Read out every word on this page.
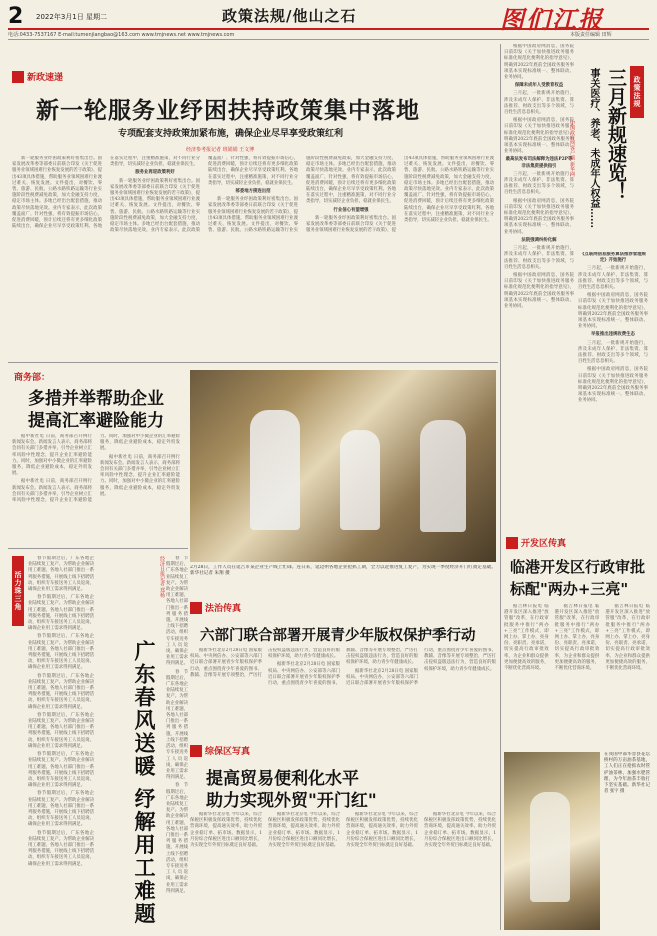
2 2022年3月1日 星期二	政策法规/他山之石	图们江报
电话:0433-7537167 E-mail:tumenjiangbao@163.com www.tmjnews.net www.tmjnews.com	本版责任编辑 田辉
新政速递
新一轮服务业纾困扶持政策集中落地
专项配套支持政策加紧布施，确保企业尽早享受政策红利
经济参考报记者 班娟娟 王文博

新一轮服务业纾困政策利好密集出台。国家发展改革委等部委日前联合印发《关于促进服务业领域困难行业恢复发展的若干政策》，提出43项具体措施，帮助服务业领域困难行业渡过难关、恢复发展。文件提出，对餐饮、零售、旅游、民航、公路水路铁路运输等行业实施阶段性税费减免政策，加大金融支持力度，稳定市场主体。多地已经出台配套措施，推动政策尽快落地见效。业内专家表示，此次政策覆盖面广、针对性强，将有效提振市场信心，促进消费回暖，预计后续还将有更多细化政策陆续出台，确保企业尽早享受政策红利。各地在落实过程中，注重精准施策，对不同行业分类指导，切实减轻企业负担，稳就业保民生。

服务业再迎政策利好

新一轮服务业纾困政策利好密集出台。国家发展改革委等部委日前联合印发《关于促进服务业领域困难行业恢复发展的若干政策》，提出43项具体措施，帮助服务业领域困难行业渡过难关、恢复发展。文件提出，对餐饮、零售、旅游、民航、公路水路铁路运输等行业实施阶段性税费减免政策，加大金融支持力度，稳定市场主体。多地已经出台配套措施，推动政策尽快落地见效。业内专家表示，此次政策覆盖面广、针对性强，将有效提振市场信心，促进消费回暖，预计后续还将有更多细化政策陆续出台，确保企业尽早享受政策红利。各地在落实过程中，注重精准施策，对不同行业分类指导，切实减轻企业负担，稳就业保民生。

部委地方接连出招

新一轮服务业纾困政策利好密集出台。国家发展改革委等部委日前联合印发《关于促进服务业领域困难行业恢复发展的若干政策》，提出43项具体措施，帮助服务业领域困难行业渡过难关、恢复发展。文件提出，对餐饮、零售、旅游、民航、公路水路铁路运输等行业实施阶段性税费减免政策，加大金融支持力度，稳定市场主体。多地已经出台配套措施，推动政策尽快落地见效。业内专家表示，此次政策覆盖面广、针对性强，将有效提振市场信心，促进消费回暖，预计后续还将有更多细化政策陆续出台，确保企业尽早享受政策红利。各地在落实过程中，注重精准施策，对不同行业分类指导，切实减轻企业负担，稳就业保民生。

行业信心有望增强

新一轮服务业纾困政策利好密集出台。国家发展改革委等部委日前联合印发《关于促进服务业领域困难行业恢复发展的若干政策》，提出43项具体措施，帮助服务业领域困难行业渡过难关、恢复发展。文件提出，对餐饮、零售、旅游、民航、公路水路铁路运输等行业实施阶段性税费减免政策，加大金融支持力度，稳定市场主体。多地已经出台配套措施，推动政策尽快落地见效。业内专家表示，此次政策覆盖面广、针对性强，将有效提振市场信心，促进消费回暖，预计后续还将有更多细化政策陆续出台，确保企业尽早享受政策红利。各地在落实过程中，注重精准施策，对不同行业分类指导，切实减轻企业负担，稳就业保民生。

商务部：
多措并举帮助企业
提高汇率避险能力

据中新社电 日前，商务部召开例行新闻发布会。新闻发言人表示，商务部将会同有关部门多措并举，引导企业树立汇率风险中性理念，提升企业汇率避险能力。同时，加强对中小微企业的汇率避险服务，降低企业避险成本，稳定外贸发展。

据中新社电 日前，商务部召开例行新闻发布会。新闻发言人表示，商务部将会同有关部门多措并举，引导企业树立汇率风险中性理念，提升企业汇率避险能力。同时，加强对中小微企业的汇率避险服务，降低企业避险成本，稳定外贸发展。

据中新社电 日前，商务部召开例行新闻发布会。新闻发言人表示，商务部将会同有关部门多措并举，引导企业树立汇率风险中性理念，提升企业汇率避险能力。同时，加强对中小微企业的汇率避险服务，降低企业避险成本，稳定外贸发展。

活力珠三角

春节假期过后，广东各地企业陆续复工复产。为帮助企业解决用工难题，各地人社部门推出一系列服务措施，开展线上线下招聘活动，组织专车接送务工人员返岗，确保企业用工需求得到满足。

春节假期过后，广东各地企业陆续复工复产。为帮助企业解决用工难题，各地人社部门推出一系列服务措施，开展线上线下招聘活动，组织专车接送务工人员返岗，确保企业用工需求得到满足。

春节假期过后，广东各地企业陆续复工复产。为帮助企业解决用工难题，各地人社部门推出一系列服务措施，开展线上线下招聘活动，组织专车接送务工人员返岗，确保企业用工需求得到满足。

春节假期过后，广东各地企业陆续复工复产。为帮助企业解决用工难题，各地人社部门推出一系列服务措施，开展线上线下招聘活动，组织专车接送务工人员返岗，确保企业用工需求得到满足。

春节假期过后，广东各地企业陆续复工复产。为帮助企业解决用工难题，各地人社部门推出一系列服务措施，开展线上线下招聘活动，组织专车接送务工人员返岗，确保企业用工需求得到满足。

春节假期过后，广东各地企业陆续复工复产。为帮助企业解决用工难题，各地人社部门推出一系列服务措施，开展线上线下招聘活动，组织专车接送务工人员返岗，确保企业用工需求得到满足。

春节假期过后，广东各地企业陆续复工复产。为帮助企业解决用工难题，各地人社部门推出一系列服务措施，开展线上线下招聘活动，组织专车接送务工人员返岗，确保企业用工需求得到满足。

春节假期过后，广东各地企业陆续复工复产。为帮助企业解决用工难题，各地人社部门推出一系列服务措施，开展线上线下招聘活动，组织专车接送务工人员返岗，确保企业用工需求得到满足。	广东春风送暖 纾解用工难题
经济日报记者 郑杨	春节假期过后，广东各地企业陆续复工复产。为帮助企业解决用工难题，各地人社部门推出一系列服务措施，开展线上线下招聘活动，组织专车接送务工人员返岗，确保企业用工需求得到满足。

春节假期过后，广东各地企业陆续复工复产。为帮助企业解决用工难题，各地人社部门推出一系列服务措施，开展线上线下招聘活动，组织专车接送务工人员返岗，确保企业用工需求得到满足。

春节假期过后，广东各地企业陆续复工复产。为帮助企业解决用工难题，各地人社部门推出一系列服务措施，开展线上线下招聘活动，组织专车接送务工人员返岗，确保企业用工需求得到满足。

2月28日，工作人员在延吉市某企业生产线上忙碌。连日来，延边州各地企业抢抓工期，全力以赴推进复工复产，为实现一季度经济开门红奠定基础。新华社记者 朱翔 摄
法治传真
六部门联合部署开展青少年版权保护季行动

据新华社北京2月28日电 国家版权局、中央网信办、公安部等六部门近日联合部署开展青少年版权保护季行动，重点围绕青少年喜爱的图书、教辅、音像等开展专项整治，严厉打击侵权盗版违法行为，营造良好的版权保护环境，助力青少年健康成长。

据新华社北京2月28日电 国家版权局、中央网信办、公安部等六部门近日联合部署开展青少年版权保护季行动，重点围绕青少年喜爱的图书、教辅、音像等开展专项整治，严厉打击侵权盗版违法行为，营造良好的版权保护环境，助力青少年健康成长。

据新华社北京2月28日电 国家版权局、中央网信办、公安部等六部门近日联合部署开展青少年版权保护季行动，重点围绕青少年喜爱的图书、教辅、音像等开展专项整治，严厉打击侵权盗版违法行为，营造良好的版权保护环境，助力青少年健康成长。

综保区写真
提高贸易便利化水平
助力实现外贸"开门红"

据新华社北京电 今年以来，综合保税区积极发挥政策优势，持续优化营商环境，提高通关效率，助力外贸企业稳订单、拓市场。数据显示，1月份综合保税区进出口额同比增长，为实现全年外贸目标奠定良好基础。

据新华社北京电 今年以来，综合保税区积极发挥政策优势，持续优化营商环境，提高通关效率，助力外贸企业稳订单、拓市场。数据显示，1月份综合保税区进出口额同比增长，为实现全年外贸目标奠定良好基础。

据新华社北京电 今年以来，综合保税区积极发挥政策优势，持续优化营商环境，提高通关效率，助力外贸企业稳订单、拓市场。数据显示，1月份综合保税区进出口额同比增长，为实现全年外贸目标奠定良好基础。

据新华社北京电 今年以来，综合保税区积极发挥政策优势，持续优化营商环境，提高通关效率，助力外贸企业稳订单、拓市场。数据显示，1月份综合保税区进出口额同比增长，为实现全年外贸目标奠定良好基础。

根据中国政府网消息，国务院日前印发《关于加快推进政务服务标准化规范化便利化的指导意见》，明确到2022年底前全国政务服务事项基本实现标准统一、整体联动、业务协同。

保障未成年人受教育权益

三月起，一批新规开始施行，涉及未成年人保护、非法集资、算法推荐、财政支出等多个领域，与百姓生活息息相关。

根据中国政府网消息，国务院日前印发《关于加快推进政务服务标准化规范化便利化的指导意见》，明确到2022年底前全国政务服务事项基本实现标准统一、整体联动、业务协同。

最高法发布司法解释为违法P2P等非法集资提供指引

三月起，一批新规开始施行，涉及未成年人保护、非法集资、算法推荐、财政支出等多个领域，与百姓生活息息相关。

根据中国政府网消息，国务院日前印发《关于加快推进政务服务标准化规范化便利化的指导意见》，明确到2022年底前全国政务服务事项基本实现标准统一、整体联动、业务协同。

法院强调纠纷化解

三月起，一批新规开始施行，涉及未成年人保护、非法集资、算法推荐、财政支出等多个领域，与百姓生活息息相关。

根据中国政府网消息，国务院日前印发《关于加快推进政务服务标准化规范化便利化的指导意见》，明确到2022年底前全国政务服务事项基本实现标准统一、整体联动、业务协同。

政策法规
三月新规速览！
事关医疗、养老、未成年人权益……
中国政府网客户端 新华网

《互联网信息服务算法推荐管理规定》开始施行

三月起，一批新规开始施行，涉及未成年人保护、非法集资、算法推荐、财政支出等多个领域，与百姓生活息息相关。

根据中国政府网消息，国务院日前印发《关于加快推进政务服务标准化规范化便利化的指导意见》，明确到2022年底前全国政务服务事项基本实现标准统一、整体联动、业务协同。

早报推出违规收费生态

三月起，一批新规开始施行，涉及未成年人保护、非法集资、算法推荐、财政支出等多个领域，与百姓生活息息相关。

根据中国政府网消息，国务院日前印发《关于加快推进政务服务标准化规范化便利化的指导意见》，明确到2022年底前全国政务服务事项基本实现标准统一、整体联动、业务协同。

开发区传真
临港开发区行政审批标配"两办+三亮"

据吉林日报电 临港开发区深入推进"放管服"改革，在行政审批服务中推行"两办+三亮"工作模式，即网上办、掌上办，亮身份、亮职责、亮承诺，切实提高行政审批效率，为企业和群众提供更加便捷高效的服务，不断优化营商环境。

据吉林日报电 临港开发区深入推进"放管服"改革，在行政审批服务中推行"两办+三亮"工作模式，即网上办、掌上办，亮身份、亮职责、亮承诺，切实提高行政审批效率，为企业和群众提供更加便捷高效的服务，不断优化营商环境。

据吉林日报电 临港开发区深入推进"放管服"改革，在行政审批服务中推行"两办+三亮"工作模式，即网上办、掌上办，亮身份、亮职责、亮承诺，切实提高行政审批效率，为企业和群众提供更加便捷高效的服务，不断优化营商环境。

在我国中部华容县花坛桥村的万亩油茶基地，工人们正在抢抓农时管护油茶林，加强水肥管理，为今年油茶丰收打下坚实基础。新华社记者 张宇 摄
